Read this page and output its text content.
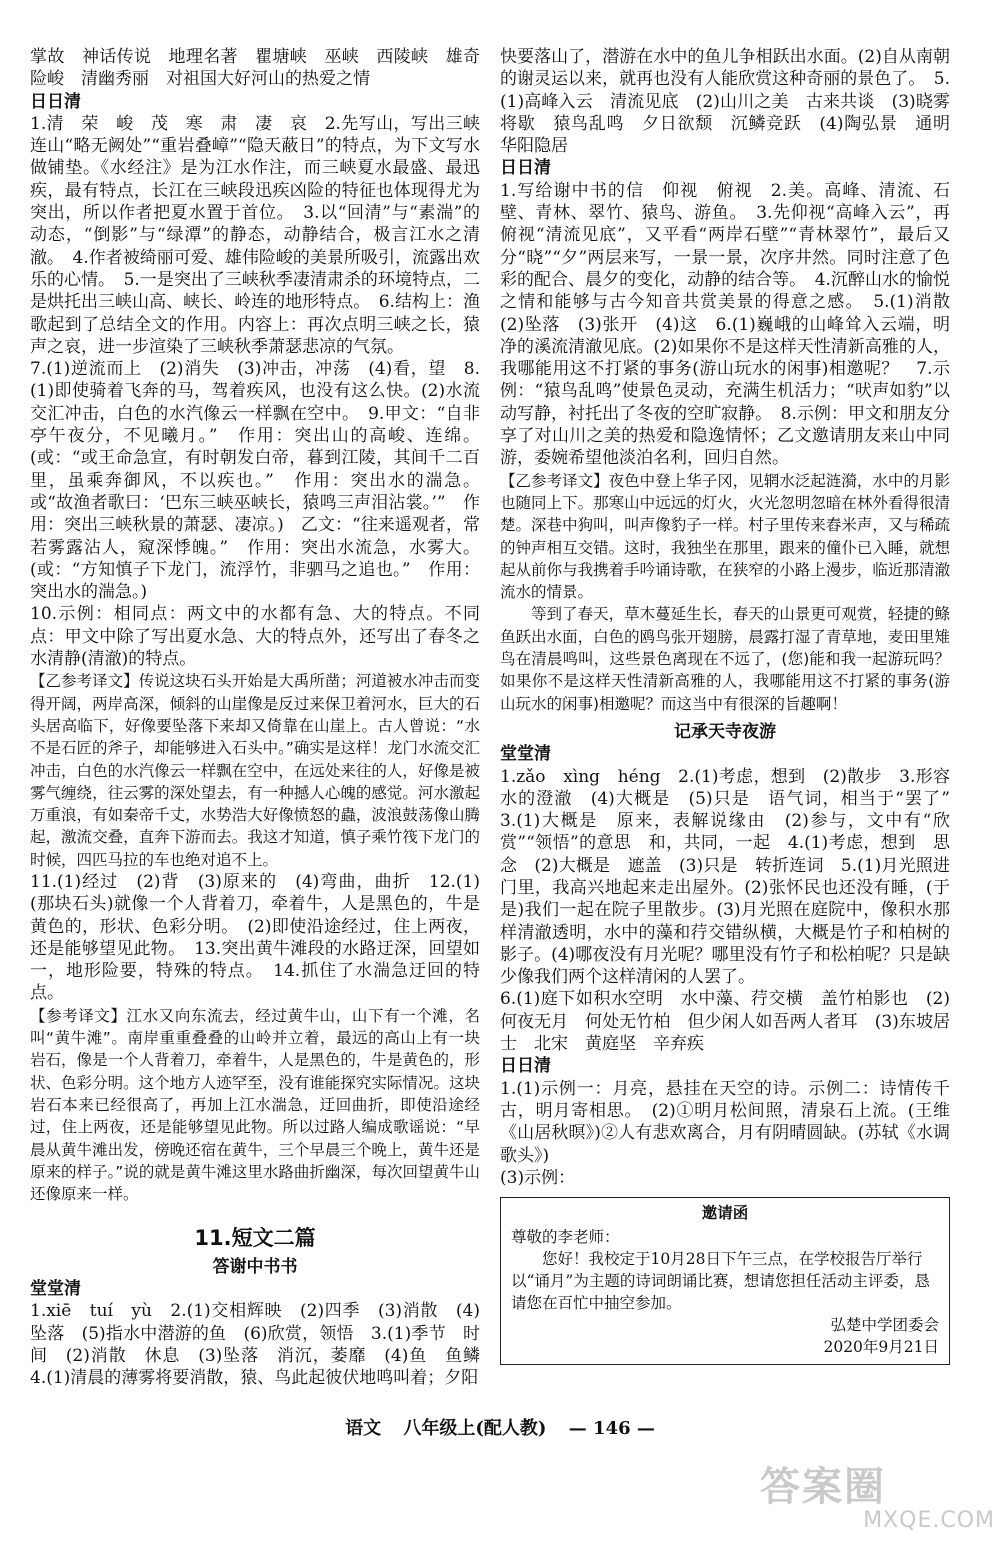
掌故　神话传说　地理名著　瞿塘峡　巫峡　西陵峡　雄奇险峻　清幽秀丽　对祖国大好河山的热爱之情

日日清

1.清　荣　峻　茂　寒　肃　凄　哀　2.先写山，写出三峡连山“略无阙处”“重岩叠嶂”“隐天蔽日”的特点，为下文写水做铺垫。《水经注》是为江水作注，而三峡夏水最盛、最迅疾，最有特点，长江在三峡段迅疾凶险的特征也体现得尤为突出，所以作者把夏水置于首位。　3.以“回清”与“素湍”的动态，“倒影”与“绿潭”的静态，动静结合，极言江水之清澈。　4.作者被绮丽可爱、雄伟险峻的美景所吸引，流露出欢乐的心情。　5.一是突出了三峡秋季凄清肃杀的环境特点，二是烘托出三峡山高、峡长、岭连的地形特点。　6.结构上：渔歌起到了总结全文的作用。内容上：再次点明三峡之长，猿声之哀，进一步渲染了三峡秋季萧瑟悲凉的气氛。

7.(1)逆流而上　(2)消失　(3)冲击，冲荡　(4)看，望　8.(1)即使骑着飞奔的马，驾着疾风，也没有这么快。(2)水流交汇冲击，白色的水汽像云一样飘在空中。　9.甲文：“自非亭午夜分，不见曦月。”　作用：突出山的高峻、连绵。(或：“或王命急宣，有时朝发白帝，暮到江陵，其间千二百里，虽乘奔御风，不以疾也。”　作用：突出水的湍急。或“故渔者歌曰：‘巴东三峡巫峡长，猿鸣三声泪沾裳。’”　作用：突出三峡秋景的萧瑟、凄凉。)　乙文：“往来遥观者，常若雾露沾人，窥深悸魄。”　作用：突出水流急，水雾大。(或：“方知慎子下龙门，流浮竹，非驷马之追也。”　作用：突出水的湍急。)

10.示例：相同点：两文中的水都有急、大的特点。不同点：甲文中除了写出夏水急、大的特点外，还写出了春冬之水清静(清澈)的特点。

【乙参考译文】传说这块石头开始是大禹所凿；河道被水冲击而变得开阔，两岸高深，倾斜的山崖像是反过来保卫着河水，巨大的石头居高临下，好像要坠落下来却又倚靠在山崖上。古人曾说：“水不是石匠的斧子，却能够进入石头中。”确实是这样！龙门水流交汇冲击，白色的水汽像云一样飘在空中，在远处来往的人，好像是被雾气缠绕，往云雾的深处望去，有一种撼人心魄的感觉。河水激起万重浪，有如秦帝千丈，水势浩大好像愤怒的蟲，波浪鼓荡像山腾起，激流交叠，直奔下游而去。我这才知道，慎子乘竹筏下龙门的时候，四匹马拉的车也绝对追不上。

11.(1)经过　(2)背　(3)原来的　(4)弯曲，曲折　12.(1)(那块石头)就像一个人背着刀，牵着牛，人是黑色的，牛是黄色的，形状、色彩分明。　(2)即使沿途经过，住上两夜，还是能够望见此物。　13.突出黄牛滩段的水路迂深，回望如一，地形险要，特殊的特点。　14.抓住了水湍急迂回的特点。

【参考译文】江水又向东流去，经过黄牛山，山下有一个滩，名叫“黄牛滩”。南岸重重叠叠的山岭并立着，最远的高山上有一块岩石，像是一个人背着刀，牵着牛，人是黑色的，牛是黄色的，形状、色彩分明。这个地方人迹罕至，没有谁能探究实际情况。这块岩石本来已经很高了，再加上江水湍急，迂回曲折，即使沿途经过，住上两夜，还是能够望见此物。所以过路人编成歌谣说：“早晨从黄牛滩出发，傍晚还宿在黄牛，三个早晨三个晚上，黄牛还是原来的样子。”说的就是黄牛滩这里水路曲折幽深，每次回望黄牛山还像原来一样。

11.短文二篇
答谢中书书
堂堂清

1.xiē　tuí　yù　2.(1)交相辉映　(2)四季　(3)消散　(4)坠落　(5)指水中潜游的鱼　(6)欣赏，领悟　3.(1)季节　时间　(2)消散　休息　(3)坠落　消沉，萎靡　(4)鱼　鱼鳞　4.(1)清晨的薄雾将要消散，猿、鸟此起彼伏地鸣叫着；夕阳

快要落山了，潜游在水中的鱼儿争相跃出水面。(2)自从南朝的谢灵运以来，就再也没有人能欣赏这种奇丽的景色了。　5.(1)高峰入云　清流见底　(2)山川之美　古来共谈　(3)晓雾将歇　猿鸟乱鸣　夕日欲颓　沉鳞竞跃　(4)陶弘景　通明　华阳隐居

日日清

1.写给谢中书的信　仰视　俯视　2.美。高峰、清流、石壁、青林、翠竹、猿鸟、游鱼。　3.先仰视“高峰入云”，再俯视“清流见底”，又平看“两岸石壁”“青林翠竹”，最后又分“晓”“夕”两层来写，一景一景，次序井然。同时注意了色彩的配合、晨夕的变化，动静的结合等。　4.沉醉山水的愉悦之情和能够与古今知音共赏美景的得意之感。　5.(1)消散　(2)坠落　(3)张开　(4)这　6.(1)巍峨的山峰耸入云端，明净的溪流清澈见底。(2)如果你不是这样天性清新高雅的人，我哪能用这不打紧的事务(游山玩水的闲事)相邀呢？　7.示例：“猿鸟乱鸣”使景色灵动，充满生机活力；“吠声如豹”以动写静，衬托出了冬夜的空旷寂静。　8.示例：甲文和朋友分享了对山川之美的热爱和隐逸情怀；乙文邀请朋友来山中同游，委婉希望他淡泊名利，回归自然。

【乙参考译文】夜色中登上华子冈，见辋水泛起涟漪，水中的月影也随同上下。那寒山中远远的灯火，火光忽明忽暗在林外看得很清楚。深巷中狗叫，叫声像豹子一样。村子里传来舂米声，又与稀疏的钟声相互交错。这时，我独坐在那里，跟来的僮仆已入睡，就想起从前你与我携着手吟诵诗歌，在狭窄的小路上漫步，临近那清澈流水的情景。

等到了春天，草木蔓延生长，春天的山景更可观赏，轻捷的鲦鱼跃出水面，白色的鸥鸟张开翅膀，晨露打湿了青草地，麦田里雉鸟在清晨鸣叫，这些景色离现在不远了，(您)能和我一起游玩吗？如果你不是这样天性清新高雅的人，我哪能用这不打紧的事务(游山玩水的闲事)相邀呢？而这当中有很深的旨趣啊！

记承天寺夜游
堂堂清

1.zǎo　xìng　héng　2.(1)考虑，想到　(2)散步　3.形容水的澄澈　(4)大概是　(5)只是　语气词，相当于“罢了”　3.(1)大概是　原来，表解说缘由　(2)参与，文中有“欣赏”“领悟”的意思　和，共同，一起　4.(1)考虑，想到　思念　(2)大概是　遮盖　(3)只是　转折连词　5.(1)月光照进门里，我高兴地起来走出屋外。(2)张怀民也还没有睡，(于是)我们一起在院子里散步。(3)月光照在庭院中，像积水那样清澈透明，水中的藻和荇交错纵横，大概是竹子和柏树的影子。(4)哪夜没有月光呢？哪里没有竹子和松柏呢？只是缺少像我们两个这样清闲的人罢了。

6.(1)庭下如积水空明　水中藻、荇交横　盖竹柏影也　(2)何夜无月　何处无竹柏　但少闲人如吾两人者耳　(3)东坡居士　北宋　黄庭坚　辛弃疾

日日清

1.(1)示例一：月亮，悬挂在天空的诗。示例二：诗情传千古，明月寄相思。　(2)①明月松间照，清泉石上流。(王维《山居秋暝》)②人有悲欢离合，月有阴晴圆缺。(苏轼《水调歌头》)

(3)示例：

邀请函
尊敬的李老师：
您好！我校定于10月28日下午三点，在学校报告厅举行以“诵月”为主题的诗词朗诵比赛，想请您担任活动主评委，恳请您在百忙中抽空参加。
弘楚中学团委会
2020年9月21日
语文 八年级上(配人教) — 146 —
答案圈
MXQE.COM
